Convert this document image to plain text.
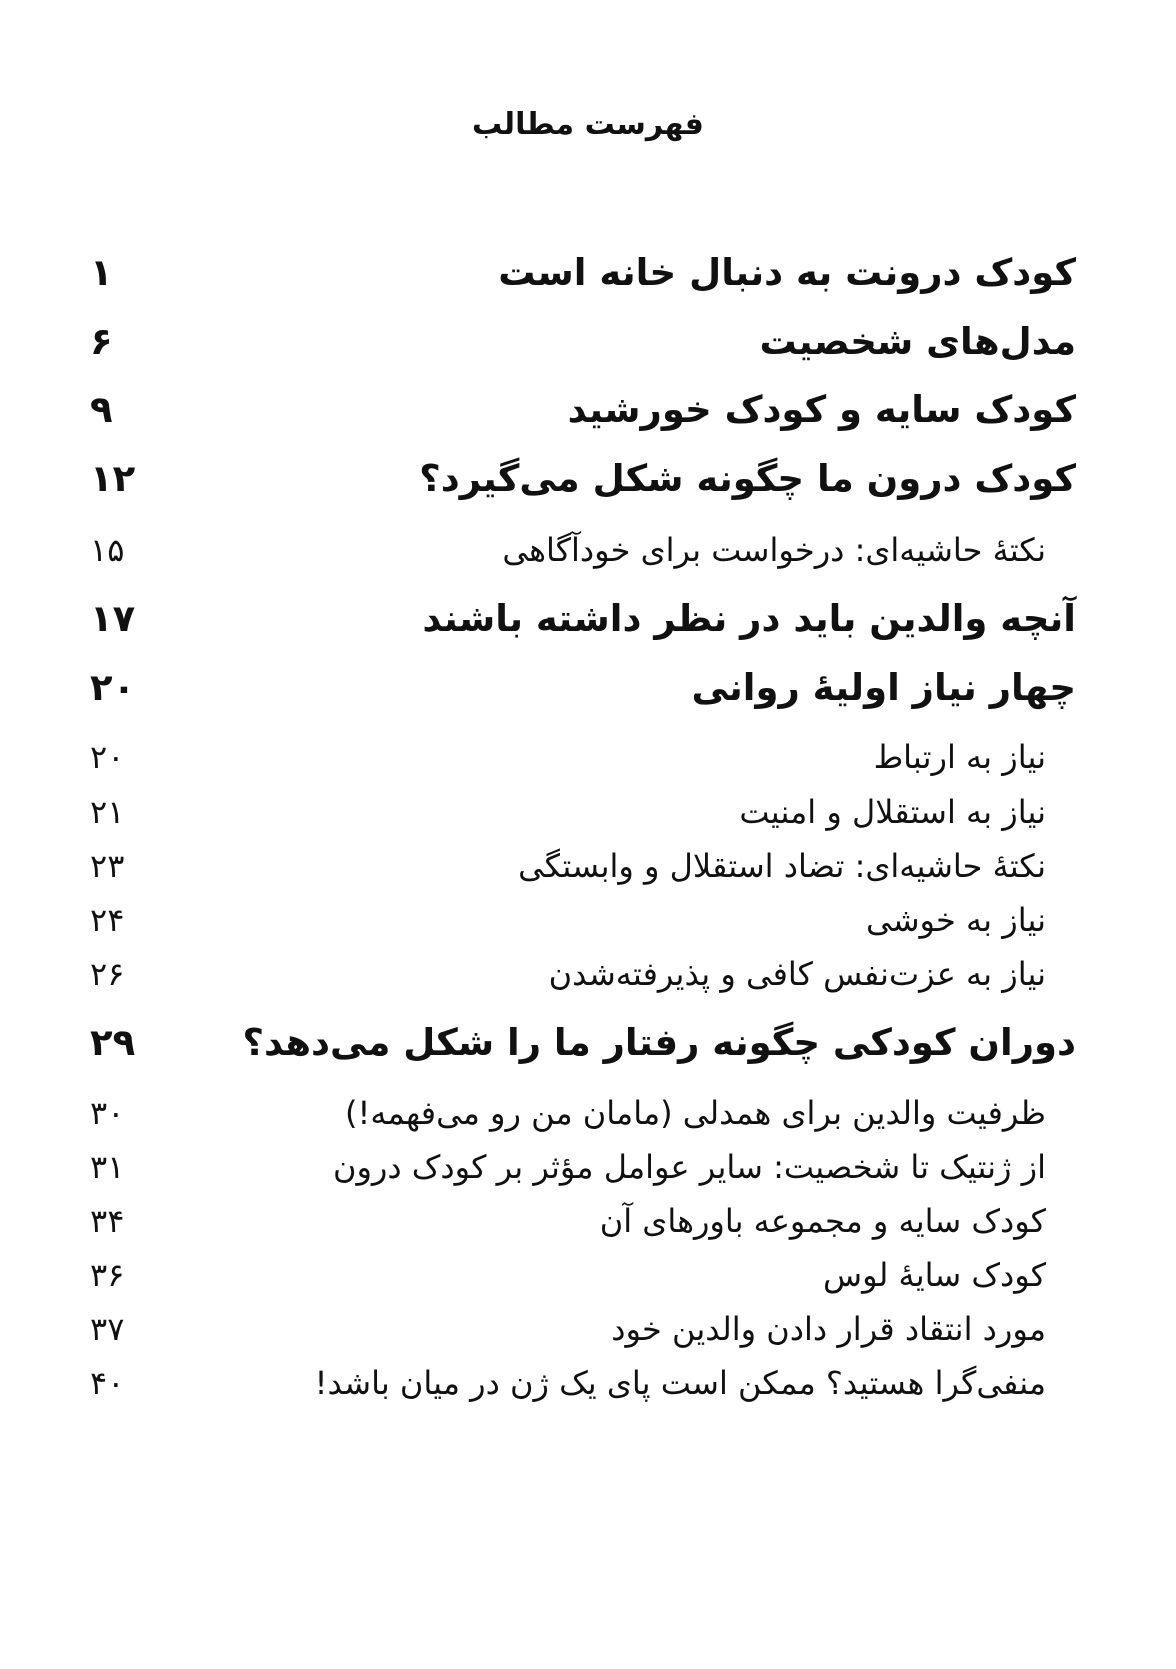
فهرست مطالب
کودک درونت به دنبال خانه است
۱
مدل‌های شخصیت
۶
کودک سایه و کودک خورشید
۹
کودک درون ما چگونه شکل می‌گیرد؟
۱۲
نکتهٔ حاشیه‌ای: درخواست برای خودآگاهی
۱۵
آنچه والدین باید در نظر داشته باشند
۱۷
چهار نیاز اولیهٔ روانی
۲۰
نیاز به ارتباط
۲۰
نیاز به استقلال و امنیت
۲۱
نکتهٔ حاشیه‌ای: تضاد استقلال و وابستگی
۲۳
نیاز به خوشی
۲۴
نیاز به عزت‌نفس کافی و پذیرفته‌شدن
۲۶
دوران کودکی چگونه رفتار ما را شکل می‌دهد؟
۲۹
ظرفیت والدین برای همدلی (مامان من رو می‌فهمه!)
۳۰
از ژنتیک تا شخصیت: سایر عوامل مؤثر بر کودک درون
۳۱
کودک سایه و مجموعه باورهای آن
۳۴
کودک سایهٔ لوس
۳۶
مورد انتقاد قرار دادن والدین خود
۳۷
منفی‌گرا هستید؟ ممکن است پای یک ژن در میان باشد!
۴۰
